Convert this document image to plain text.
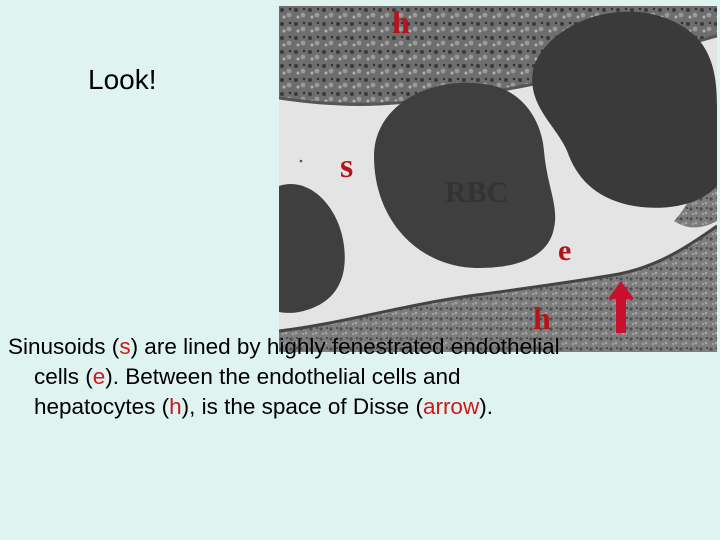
Look!
h
s
RBC
e
h
Sinusoids (s) are lined by highly fenestrated endothelial
cells (e). Between the endothelial cells and
hepatocytes (h), is the space of Disse (arrow).
